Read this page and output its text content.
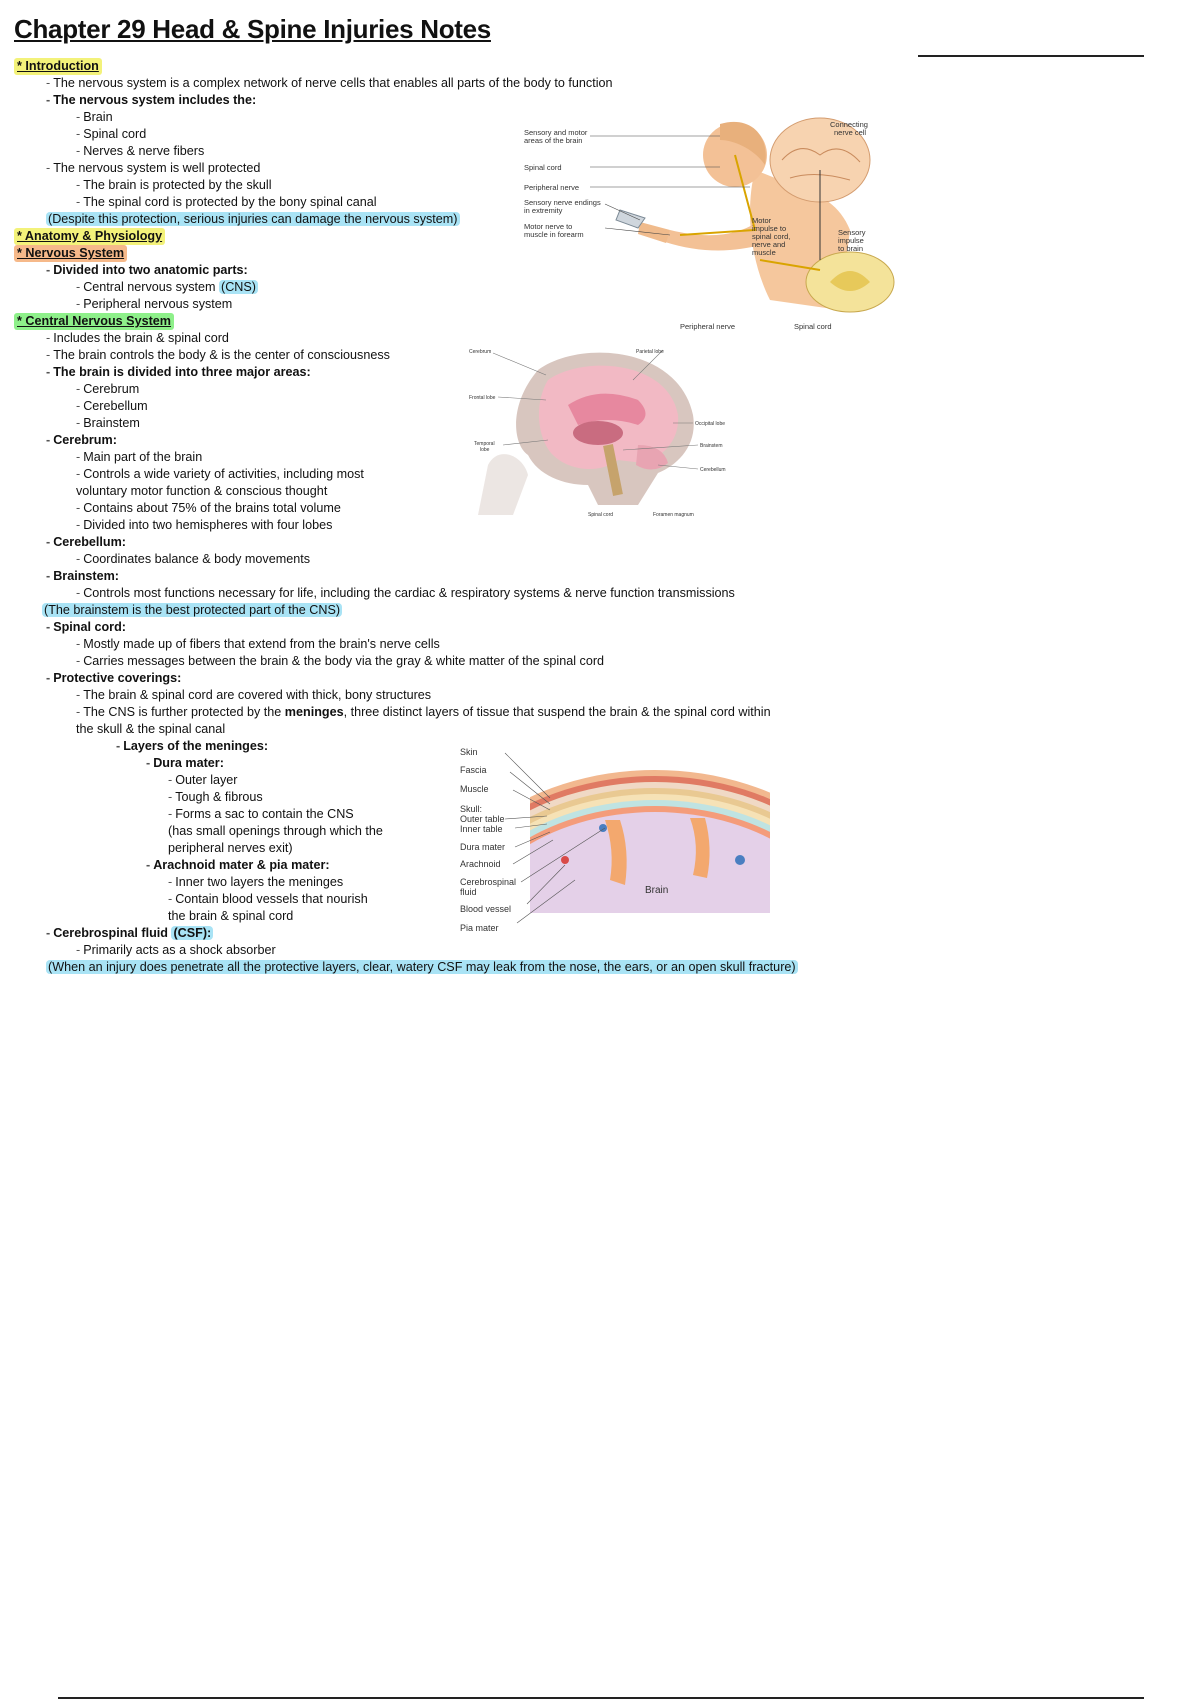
Chapter 29 Head & Spine Injuries Notes
* Introduction
- The nervous system is a complex network of nerve cells that enables all parts of the body to function
- The nervous system includes the:
- Brain
- Spinal cord
- Nerves & nerve fibers
- The nervous system is well protected
- The brain is protected by the skull
- The spinal cord is protected by the bony spinal canal
(Despite this protection, serious injuries can damage the nervous system)
* Anatomy & Physiology
* Nervous System
- Divided into two anatomic parts:
- Central nervous system (CNS)
- Peripheral nervous system
* Central Nervous System
- Includes the brain & spinal cord
- The brain controls the body & is the center of consciousness
- The brain is divided into three major areas:
- Cerebrum
- Cerebellum
- Brainstem
- Cerebrum:
- Main part of the brain
- Controls a wide variety of activities, including most
voluntary motor function & conscious thought
- Contains about 75% of the brains total volume
- Divided into two hemispheres with four lobes
- Cerebellum:
- Coordinates balance & body movements
- Brainstem:
- Controls most functions necessary for life, including the cardiac & respiratory systems & nerve function transmissions
(The brainstem is the best protected part of the CNS)
- Spinal cord:
- Mostly made up of fibers that extend from the brain's nerve cells
- Carries messages between the brain & the body via the gray & white matter of the spinal cord
- Protective coverings:
- The brain & spinal cord are covered with thick, bony structures
- The CNS is further protected by the meninges, three distinct layers of tissue that suspend the brain & the spinal cord within
the skull & the spinal canal
- Layers of the meninges:
- Dura mater:
- Outer layer
- Tough & fibrous
- Forms a sac to contain the CNS
(has small openings through which the
peripheral nerves exit)
- Arachnoid mater & pia mater:
- Inner two layers the meninges
- Contain blood vessels that nourish
the brain & spinal cord
- Cerebrospinal fluid (CSF):
- Primarily acts as a shock absorber
(When an injury does penetrate all the protective layers, clear, watery CSF may leak from the nose, the ears, or an open skull fracture)
Sensory and motor
areas of the brain
Spinal cord
Peripheral nerve
Sensory nerve endings
in extremity
Motor nerve to
muscle in forearm
Connecting
nerve cell
Motor
impulse to
spinal cord,
nerve and
muscle
Sensory
impulse
to brain
Peripheral nerve	Spinal cord
Cerebrum
Frontal lobe
Temporal
lobe
Parietal lobe
Occipital lobe
Brainstem
Cerebellum
Spinal cord	Foramen magnum
Skin
Fascia
Muscle
Skull:
Outer table
Inner table
Dura mater
Arachnoid
Cerebrospinal
fluid
Blood vessel
Pia mater
Brain
